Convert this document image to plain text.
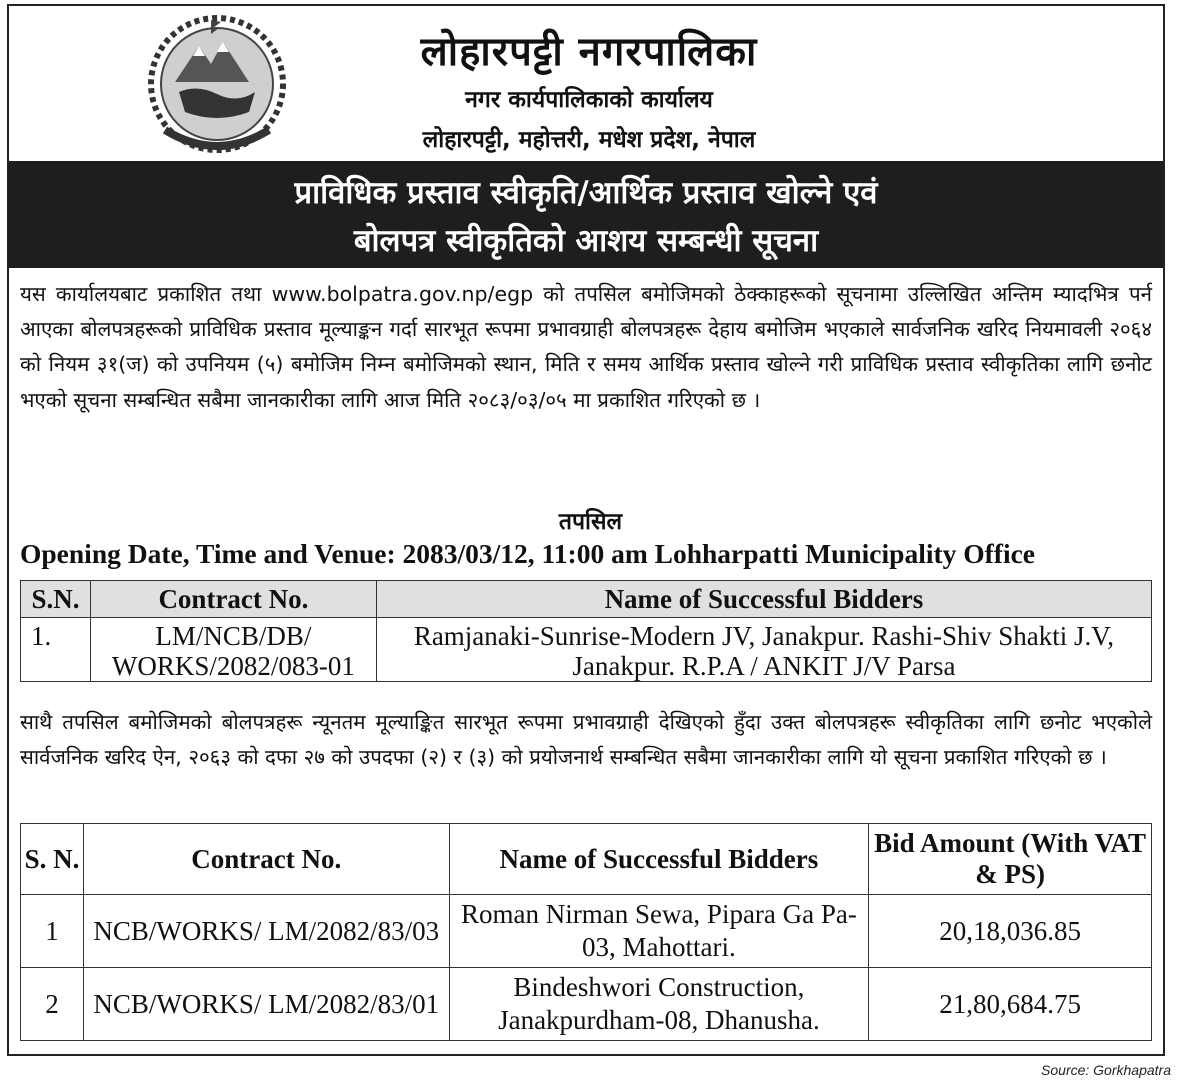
लोहारपट्टी नगरपालिका
नगर कार्यपालिकाको कार्यालय
लोहारपट्टी, महोत्तरी, मधेश प्रदेश, नेपाल
प्राविधिक प्रस्ताव स्वीकृति/आर्थिक प्रस्ताव खोल्ने एवं
बोलपत्र स्वीकृतिको आशय सम्बन्धी सूचना
यस कार्यालयबाट प्रकाशित तथा www.bolpatra.gov.np/egp को तपसिल बमोजिमको ठेक्काहरूको सूचनामा उल्लिखित अन्तिम म्यादभित्र पर्न आएका बोलपत्रहरूको प्राविधिक प्रस्ताव मूल्याङ्कन गर्दा सारभूत रूपमा प्रभावग्राही बोलपत्रहरू देहाय बमोजिम भएकाले सार्वजनिक खरिद नियमावली २०६४ को नियम ३१(ज) को उपनियम (५) बमोजिम निम्न बमोजिमको स्थान, मिति र समय आर्थिक प्रस्ताव खोल्ने गरी प्राविधिक प्रस्ताव स्वीकृतिका लागि छनोट भएको सूचना सम्बन्धित सबैमा जानकारीका लागि आज मिति २०८३/०३/०५ मा प्रकाशित गरिएको छ ।
तपसिल
Opening Date, Time and Venue: 2083/03/12, 11:00 am Lohharpatti Municipality Office
S.N.	Contract No.	Name of Successful Bidders
1.	LM/NCB/DB/ WORKS/2082/083-01	Ramjanaki-Sunrise-Modern JV, Janakpur. Rashi-Shiv Shakti J.V, Janakpur. R.P.A / ANKIT J/V Parsa
साथै तपसिल बमोजिमको बोलपत्रहरू न्यूनतम मूल्याङ्कित सारभूत रूपमा प्रभावग्राही देखिएको हुँदा उक्त बोलपत्रहरू स्वीकृतिका लागि छनोट भएकोले सार्वजनिक खरिद ऐन, २०६३ को दफा २७ को उपदफा (२) र (३) को प्रयोजनार्थ सम्बन्धित सबैमा जानकारीका लागि यो सूचना प्रकाशित गरिएको छ ।
S. N.	Contract No.	Name of Successful Bidders	Bid Amount (With VAT & PS)
1	NCB/WORKS/ LM/2082/83/03	Roman Nirman Sewa, Pipara Ga Pa-03, Mahottari.	20,18,036.85
2	NCB/WORKS/ LM/2082/83/01	Bindeshwori Construction, Janakpurdham-08, Dhanusha.	21,80,684.75
Source: Gorkhapatra
